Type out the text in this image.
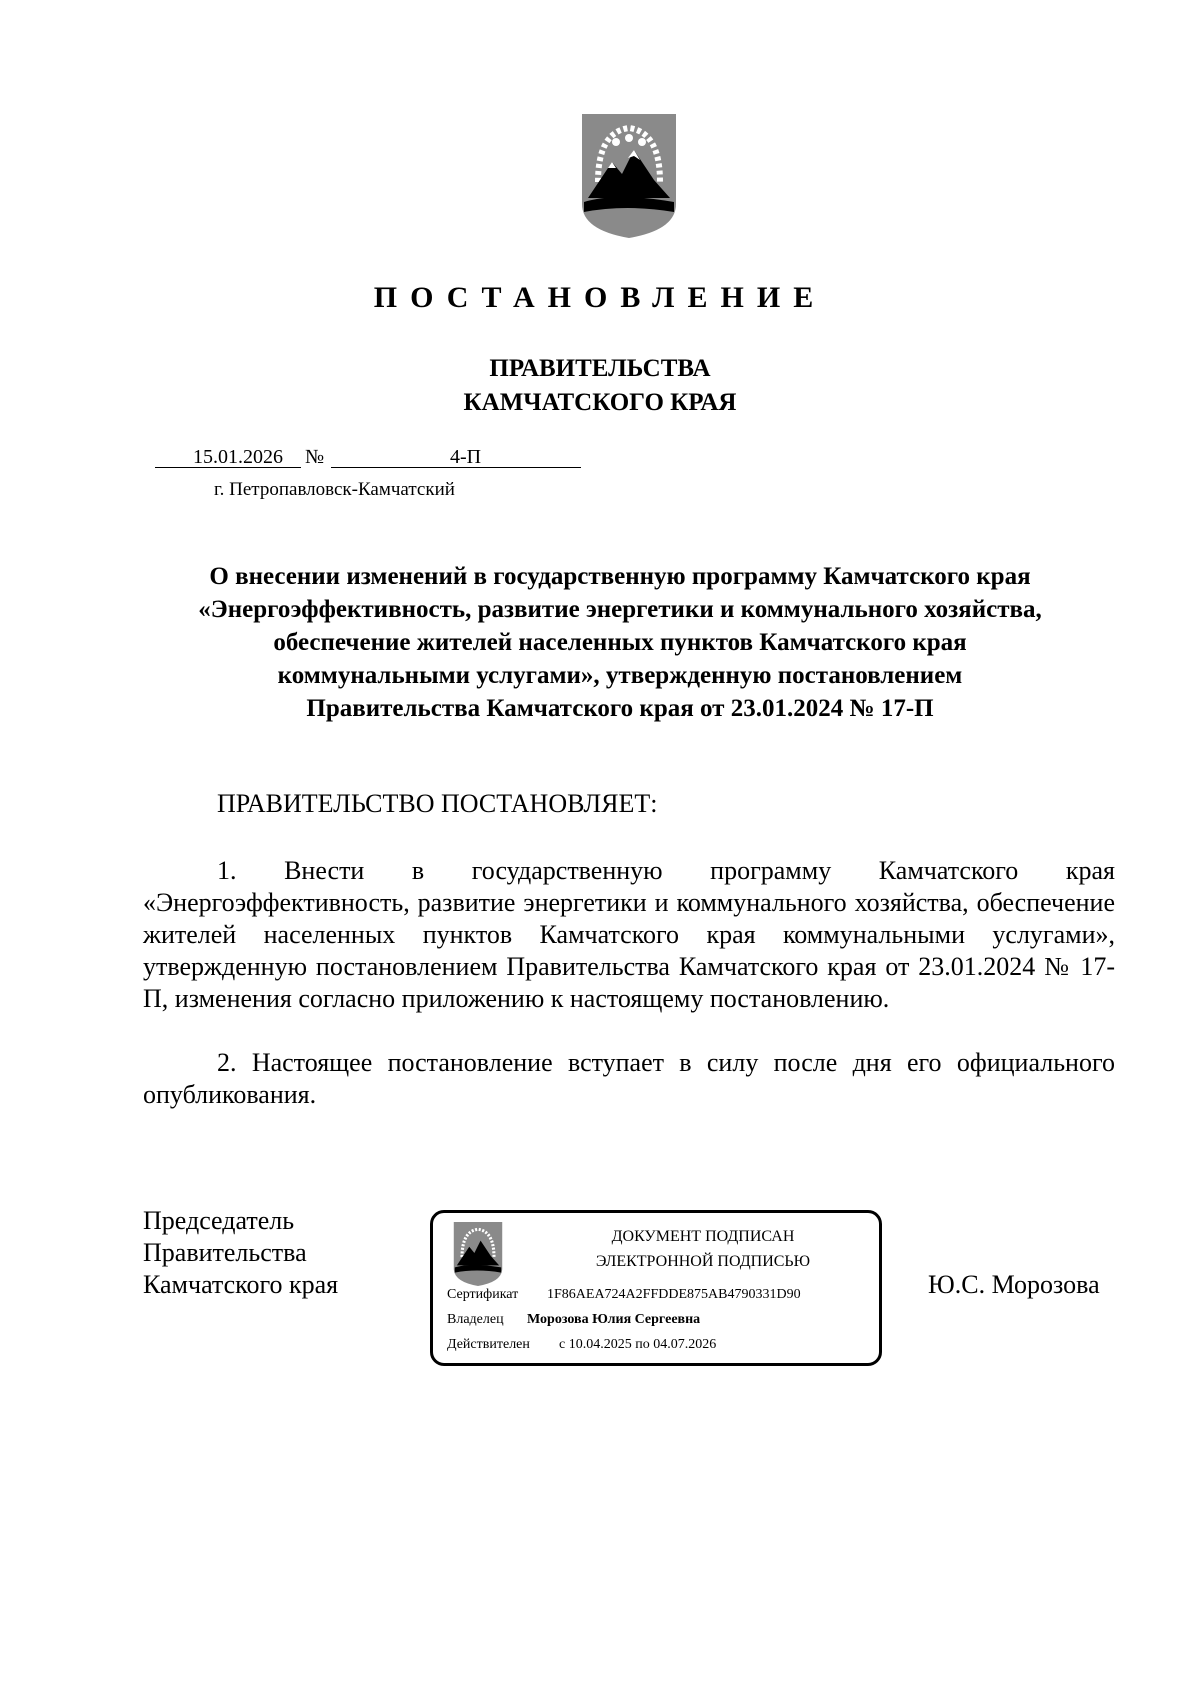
ПОСТАНОВЛЕНИЕ
ПРАВИТЕЛЬСТВА
КАМЧАТСКОГО КРАЯ
15.01.2026 №	4-П
г. Петропавловск-Камчатский
О внесении изменений в государственную программу Камчатского края
«Энергоэффективность, развитие энергетики и коммунального хозяйства,
обеспечение жителей населенных пунктов Камчатского края
коммунальными услугами», утвержденную постановлением
Правительства Камчатского края от 23.01.2024 № 17-П
ПРАВИТЕЛЬСТВО ПОСТАНОВЛЯЕТ:
1. Внести в государственную программу Камчатского края «Энергоэффективность, развитие энергетики и коммунального хозяйства, обеспечение жителей населенных пунктов Камчатского края коммунальными услугами», утвержденную постановлением Правительства Камчатского края от 23.01.2024 № 17-П, изменения согласно приложению к настоящему постановлению.
2. Настоящее постановление вступает в силу после дня его официального опубликования.
Председатель
Правительства
Камчатского края
ДОКУМЕНТ ПОДПИСАН
ЭЛЕКТРОННОЙ ПОДПИСЬЮ
Сертификат 1F86AEA724A2FFDDE875AB4790331D90
Владелец Морозова Юлия Сергеевна
Действителен с 10.04.2025 по 04.07.2026
Ю.С. Морозова
